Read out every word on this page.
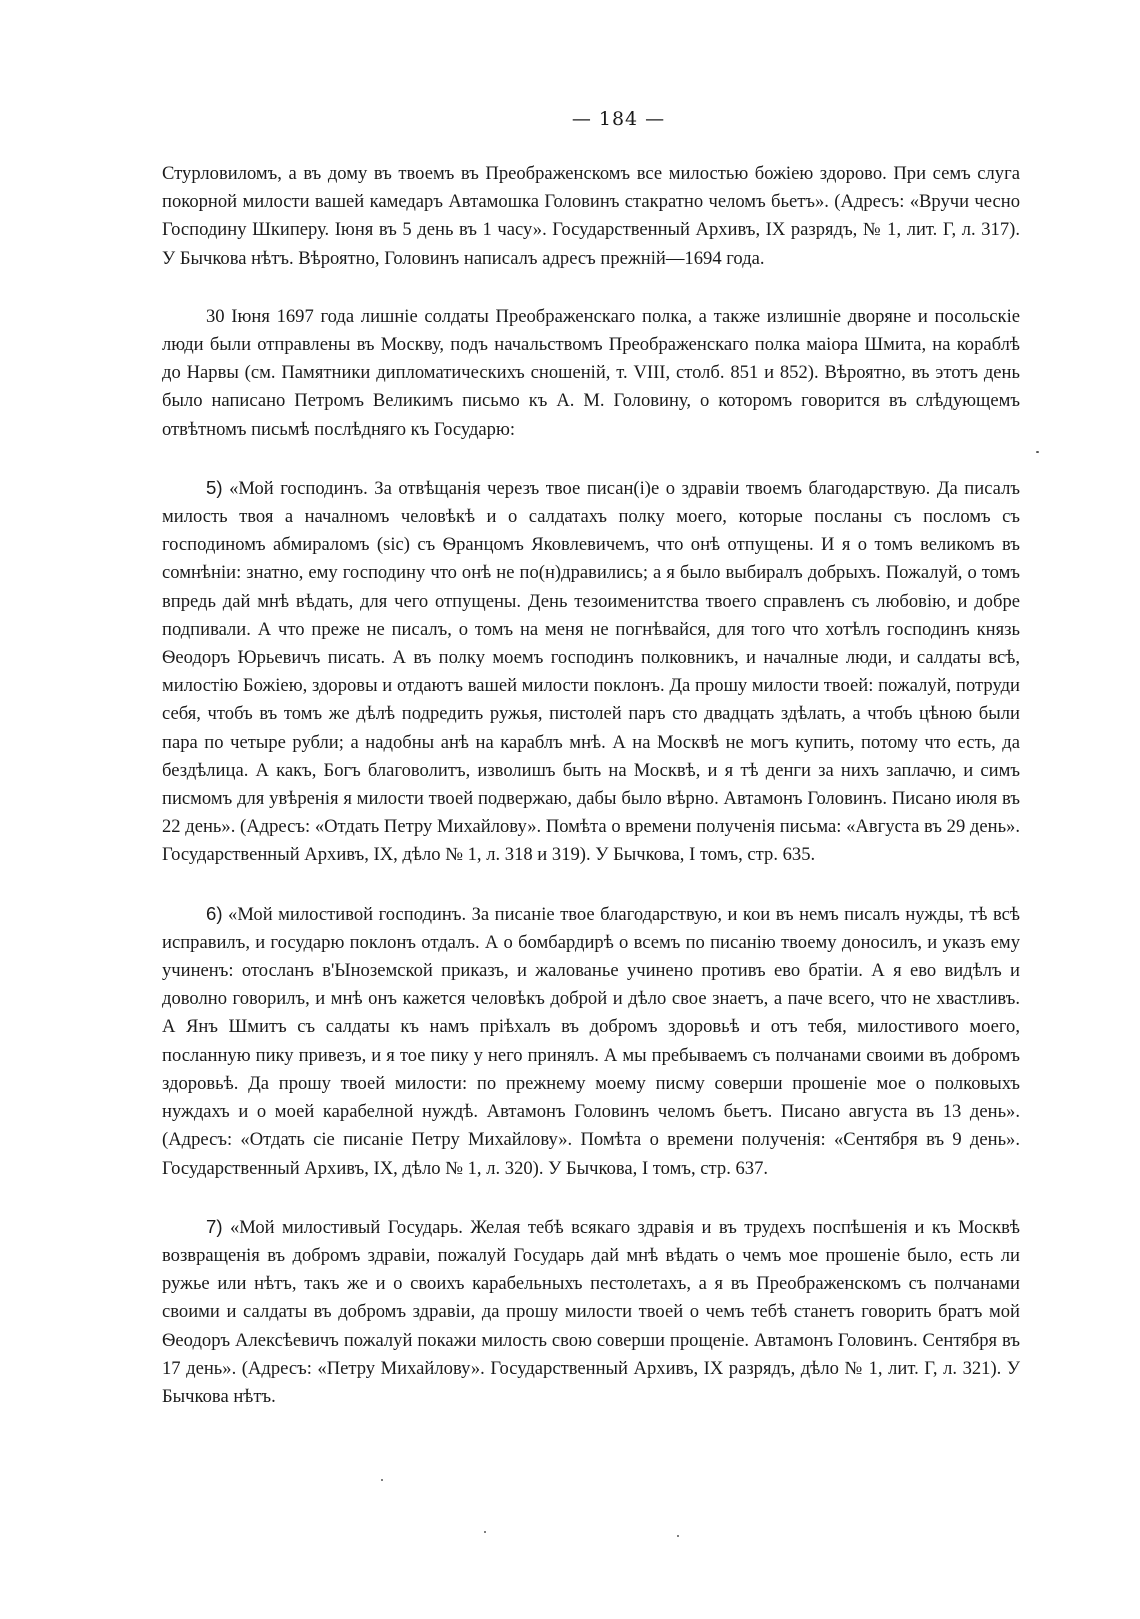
— 184 —

Стурловиломъ, а въ дому въ твоемъ въ Преображенскомъ все милостью божiею здорово. При семъ слуга покорной милости вашей камедаръ Автамошка Головинъ стакратно челомъ бьетъ». (Адресъ: «Вручи чесно Господину Шкиперу. Iюня въ 5 день въ 1 часу». Государственный Архивъ, IX разрядъ, № 1, лит. Г, л. 317). У Бычкова нѣтъ. Вѣроятно, Головинъ написалъ адресъ прежнiй—1694 года.

30 Iюня 1697 года лишнiе солдаты Преображенскаго полка, а также излишнiе дворяне и посольскiе люди были отправлены въ Москву, подъ начальствомъ Преображенскаго полка маiора Шмита, на кораблѣ до Нарвы (см. Памятники дипломатическихъ сношенiй, т. VIII, столб. 851 и 852). Вѣроятно, въ этотъ день было написано Петромъ Великимъ письмо къ А. М. Головину, о которомъ говорится въ слѣдующемъ отвѣтномъ письмѣ послѣдняго къ Государю:

5) «Мой господинъ. За отвѣщанiя черезъ твое писан(i)е о здравiи твоемъ благодарствую. Да писалъ милость твоя а началномъ человѣкѣ и о салдатахъ полку моего, которые посланы съ посломъ съ господиномъ абмираломъ (sic) съ Ѳранцомъ Яковлевичемъ, что онѣ отпущены. И я о томъ великомъ въ сомнѣнiи: знатно, ему господину что онѣ не по(н)дравились; а я было выбиралъ добрыхъ. Пожалуй, о томъ впредь дай мнѣ вѣдать, для чего отпущены. День тезоименитства твоего справленъ съ любовiю, и добре подпивали. А что преже не писалъ, о томъ на меня не погнѣвайся, для того что хотѣлъ господинъ князь Ѳеодоръ Юрьевичъ писать. А въ полку моемъ господинъ полковникъ, и началные люди, и салдаты всѣ, милостiю Божiею, здоровы и отдаютъ вашей милости поклонъ. Да прошу милости твоей: пожалуй, потруди себя, чтобъ въ томъ же дѣлѣ подредить ружья, пистолей паръ сто двадцать здѣлать, а чтобъ цѣною были пара по четыре рубли; а надобны анѣ на караблъ мнѣ. А на Москвѣ не могъ купить, потому что есть, да бездѣлица. А какъ, Богъ благоволитъ, изволишъ быть на Москвѣ, и я тѣ денги за нихъ заплачю, и симъ писмомъ для увѣренiя я милости твоей подвержаю, дабы было вѣрно. Автамонъ Головинъ. Писано июля въ 22 день». (Адресъ: «Отдать Петру Михайлову». Помѣта о времени полученiя письма: «Августа въ 29 день». Государственный Архивъ, IX, дѣло № 1, л. 318 и 319). У Бычкова, I томъ, стр. 635.

6) «Мой милостивой господинъ. За писанiе твое благодарствую, и кои въ немъ писалъ нужды, тѣ всѣ исправилъ, и государю поклонъ отдалъ. А о бомбардирѣ о всемъ по писанiю твоему доносилъ, и указъ ему учиненъ: отосланъ в'Ыноземской приказъ, и жалованье учинено противъ ево братiи. А я ево видѣлъ и доволно говорилъ, и мнѣ онъ кажется человѣкъ доброй и дѣло свое знаетъ, а паче всего, что не хвастливъ. А Янъ Шмитъ съ салдаты къ намъ прiѣхалъ въ добромъ здоровьѣ и отъ тебя, милостивого моего, посланную пику привезъ, и я тое пику у него принялъ. А мы пребываемъ съ полчанами своими въ добромъ здоровьѣ. Да прошу твоей милости: по прежнему моему писму соверши прошенiе мое о полковыхъ нуждахъ и о моей карабелной нуждѣ. Автамонъ Головинъ челомъ бьетъ. Писано августа въ 13 день». (Адресъ: «Отдать сiе писанiе Петру Михайлову». Помѣта о времени полученiя: «Сентября въ 9 день». Государственный Архивъ, IX, дѣло № 1, л. 320). У Бычкова, I томъ, стр. 637.

7) «Мой милостивый Государь. Желая тебѣ всякаго здравiя и въ трудехъ поспѣшенiя и къ Москвѣ возвращенiя въ добромъ здравiи, пожалуй Государь дай мнѣ вѣдать о чемъ мое прошенiе было, есть ли ружье или нѣтъ, такъ же и о своихъ карабельныхъ пестолетахъ, а я въ Преображенскомъ съ полчанами своими и салдаты въ добромъ здравiи, да прошу милости твоей о чемъ тебѣ станетъ говорить братъ мой Ѳеодоръ Алексѣевичъ пожалуй покажи милость свою соверши прощенiе. Автамонъ Головинъ. Сентября въ 17 день». (Адресъ: «Петру Михайлову». Государственный Архивъ, IX разрядъ, дѣло № 1, лит. Г, л. 321). У Бычкова нѣтъ.
